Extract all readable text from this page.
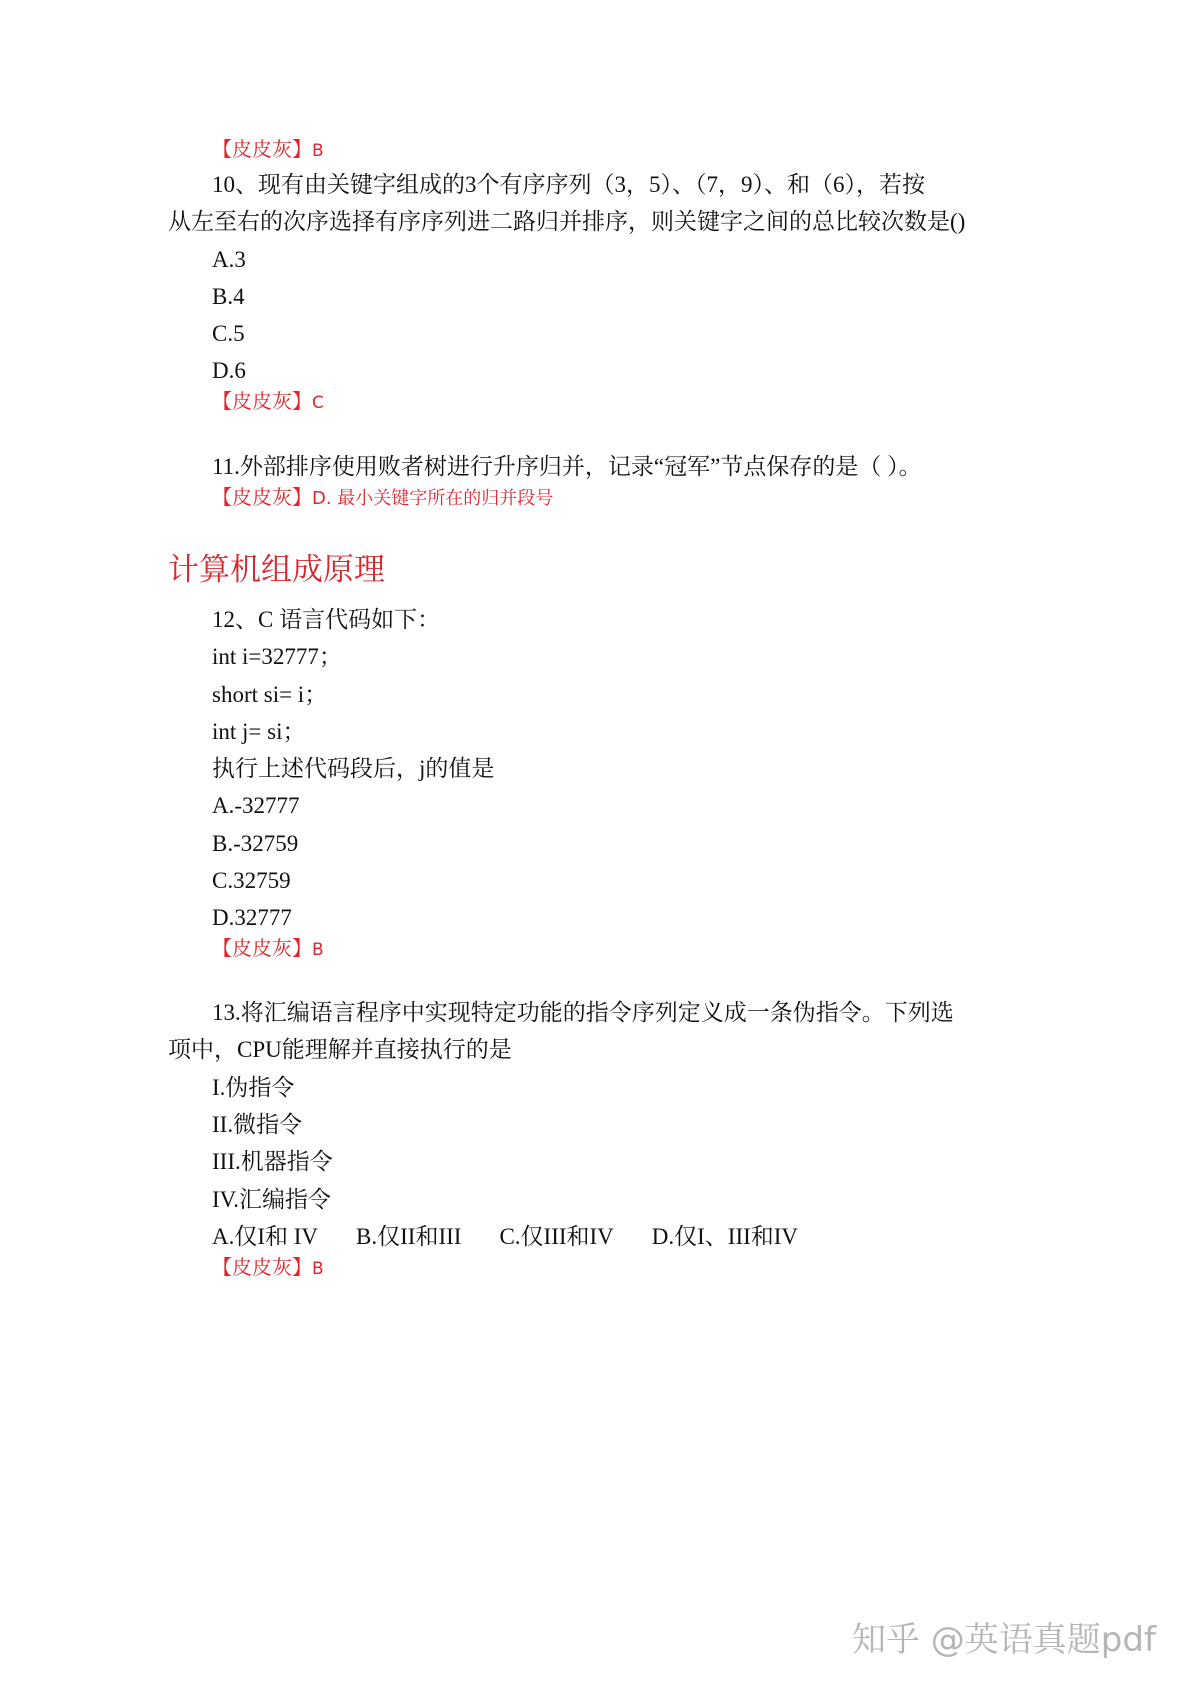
【皮皮灰】B
10、现有由关键字组成的3个有序序列（3，5）、（7，9）、和（6），若按
从左至右的次序选择有序序列进二路归并排序，则关键字之间的总比较次数是()
A.3
B.4
C.5
D.6
【皮皮灰】C
11.外部排序使用败者树进行升序归并，记录“冠军”节点保存的是（ ）。
【皮皮灰】D. 最小关键字所在的归并段号
计算机组成原理
12、C 语言代码如下：
int i=32777；
short si= i；
int j= si；
执行上述代码段后，j的值是
A.-32777
B.-32759
C.32759
D.32777
【皮皮灰】B
13.将汇编语言程序中实现特定功能的指令序列定义成一条伪指令。下列选
项中，CPU能理解并直接执行的是
I.伪指令
II.微指令
III.机器指令
IV.汇编指令
A.仅I和 IV B.仅II和III C.仅III和IV D.仅I、III和IV
【皮皮灰】B
知乎 @英语真题pdf
